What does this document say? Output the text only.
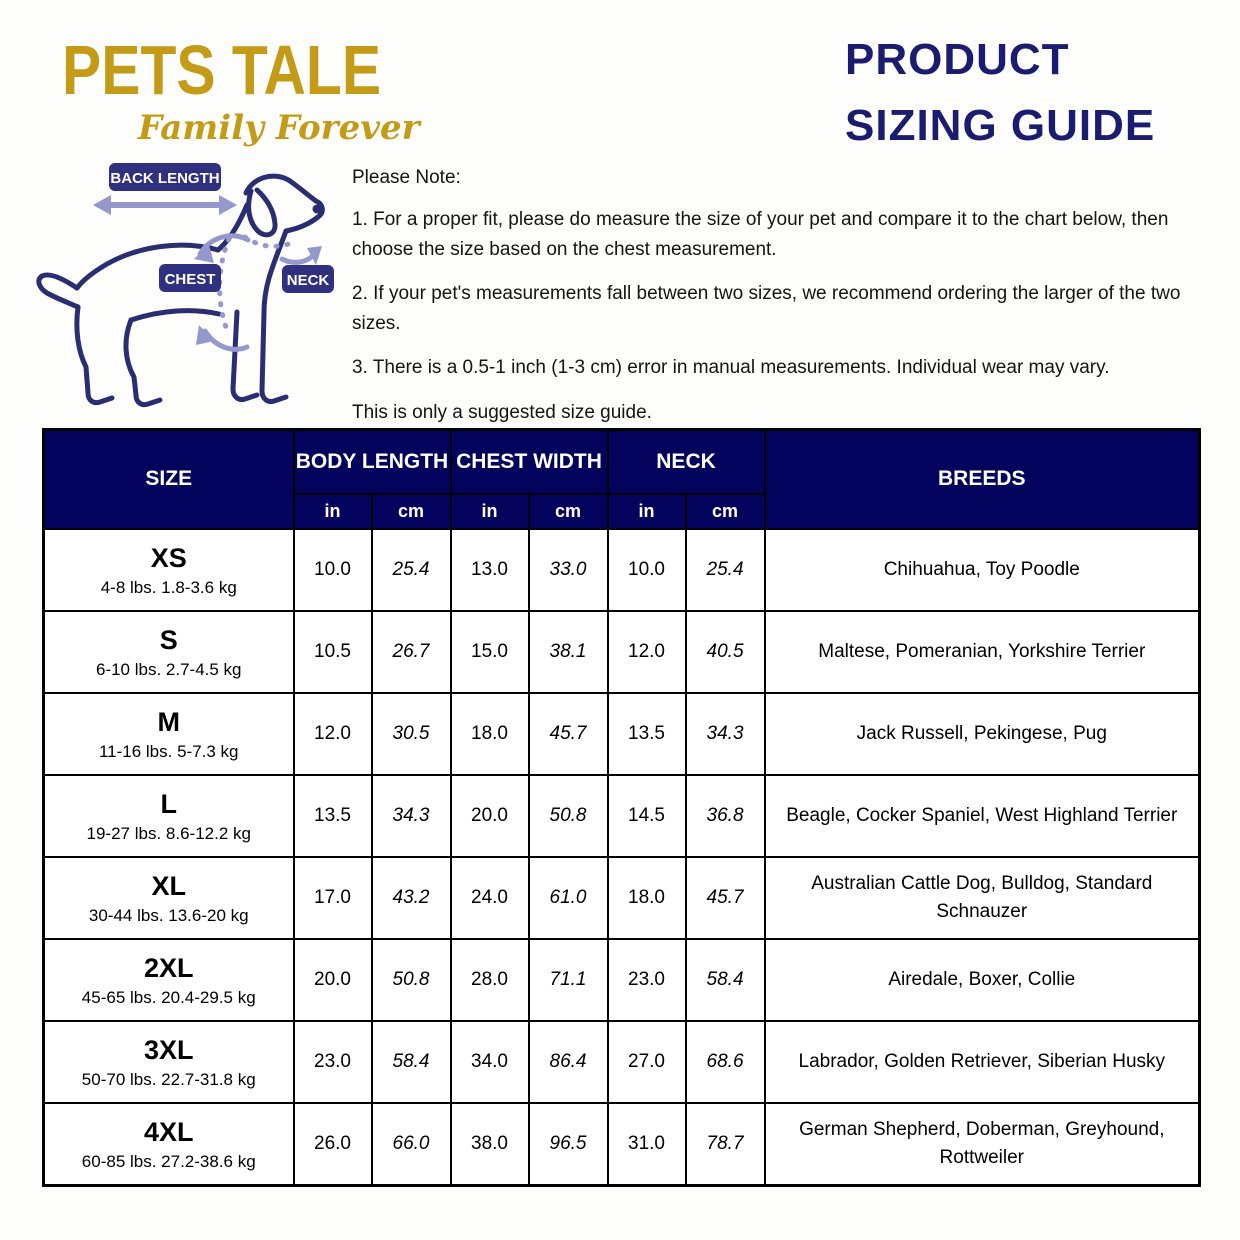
PETS TALE
Family Forever
PRODUCT
SIZING GUIDE
BACK LENGTH
CHEST	NECK

Please Note:

1. For a proper fit, please do measure the size of your pet and compare it to the chart below, then choose the size based on the chest measurement.

2. If your pet's measurements fall between two sizes, we recommend ordering the larger of the two sizes.

3. There is a 0.5-1 inch (1-3 cm) error in manual measurements. Individual wear may vary.

This is only a suggested size guide.

SIZE	BODY LENGTH		CHEST WIDTH		NECK		BREEDS
	in	cm	in	cm	in	cm	

XS
4-8 lbs. 1.8-3.6 kg	10.0	25.4	13.0	33.0	10.0	25.4	Chihuahua, Toy Poodle

S
6-10 lbs. 2.7-4.5 kg	10.5	26.7	15.0	38.1	12.0	40.5	Maltese, Pomeranian, Yorkshire Terrier

M
11-16 lbs. 5-7.3 kg	12.0	30.5	18.0	45.7	13.5	34.3	Jack Russell, Pekingese, Pug

L
19-27 lbs. 8.6-12.2 kg	13.5	34.3	20.0	50.8	14.5	36.8	Beagle, Cocker Spaniel, West Highland Terrier

XL
30-44 lbs. 13.6-20 kg	17.0	43.2	24.0	61.0	18.0	45.7	Australian Cattle Dog, Bulldog, Standard Schnauzer

2XL
45-65 lbs. 20.4-29.5 kg	20.0	50.8	28.0	71.1	23.0	58.4	Airedale, Boxer, Collie

3XL
50-70 lbs. 22.7-31.8 kg	23.0	58.4	34.0	86.4	27.0	68.6	Labrador, Golden Retriever, Siberian Husky

4XL
60-85 lbs. 27.2-38.6 kg	26.0	66.0	38.0	96.5	31.0	78.7	German Shepherd, Doberman, Greyhound, Rottweiler
